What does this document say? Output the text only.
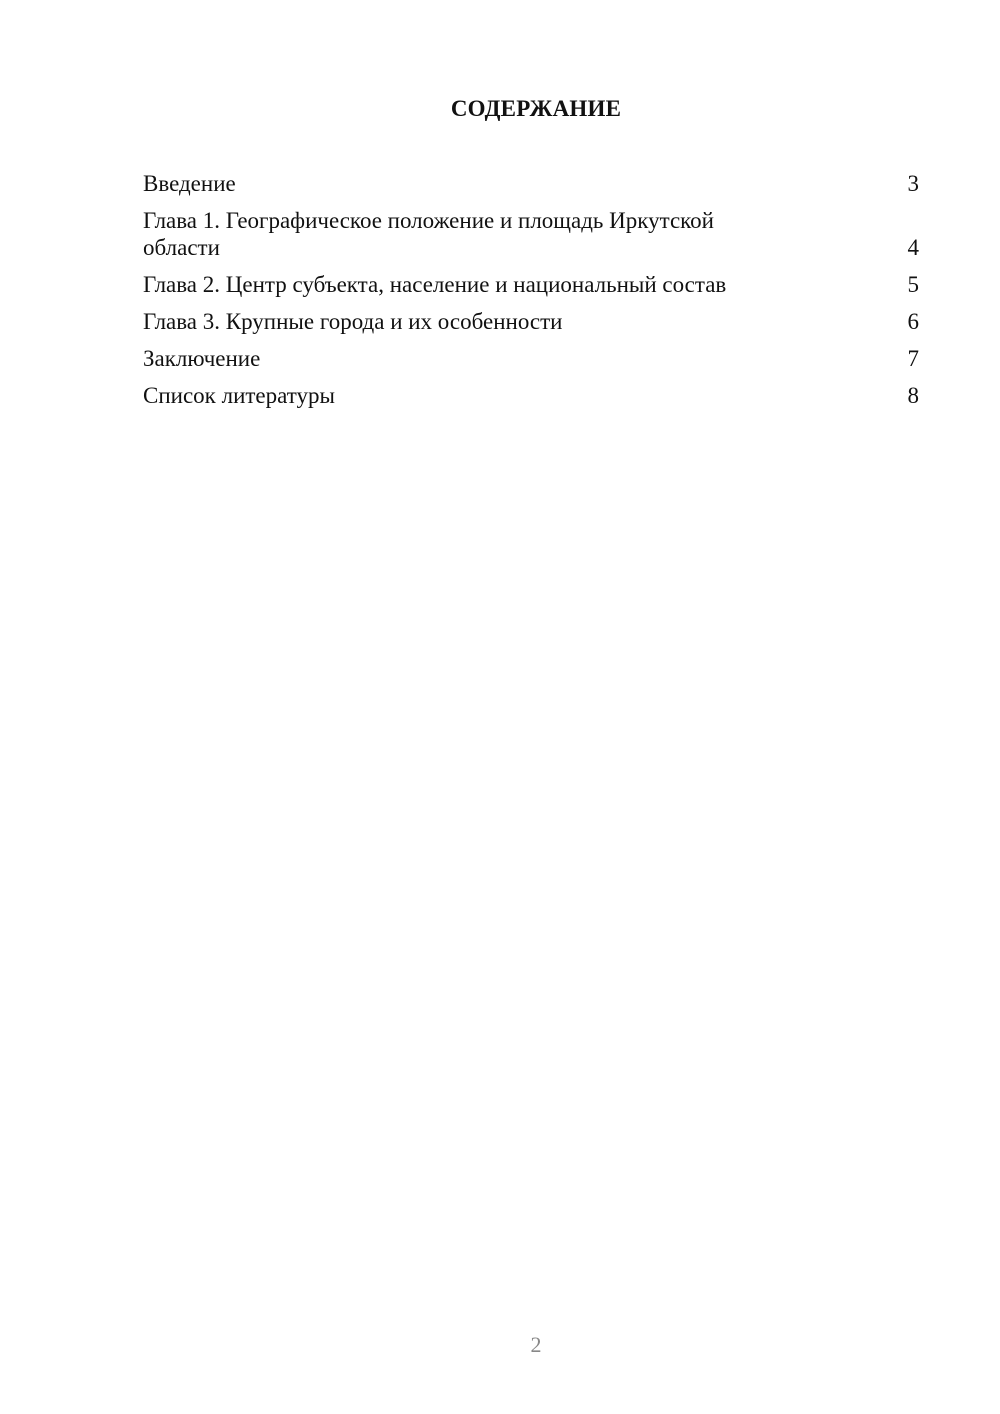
СОДЕРЖАНИЕ
Введение	3
Глава 1. Географическое положение и площадь Иркутской области	4
Глава 2. Центр субъекта, население и национальный состав	5
Глава 3. Крупные города и их особенности	6
Заключение	7
Список литературы	8
2
